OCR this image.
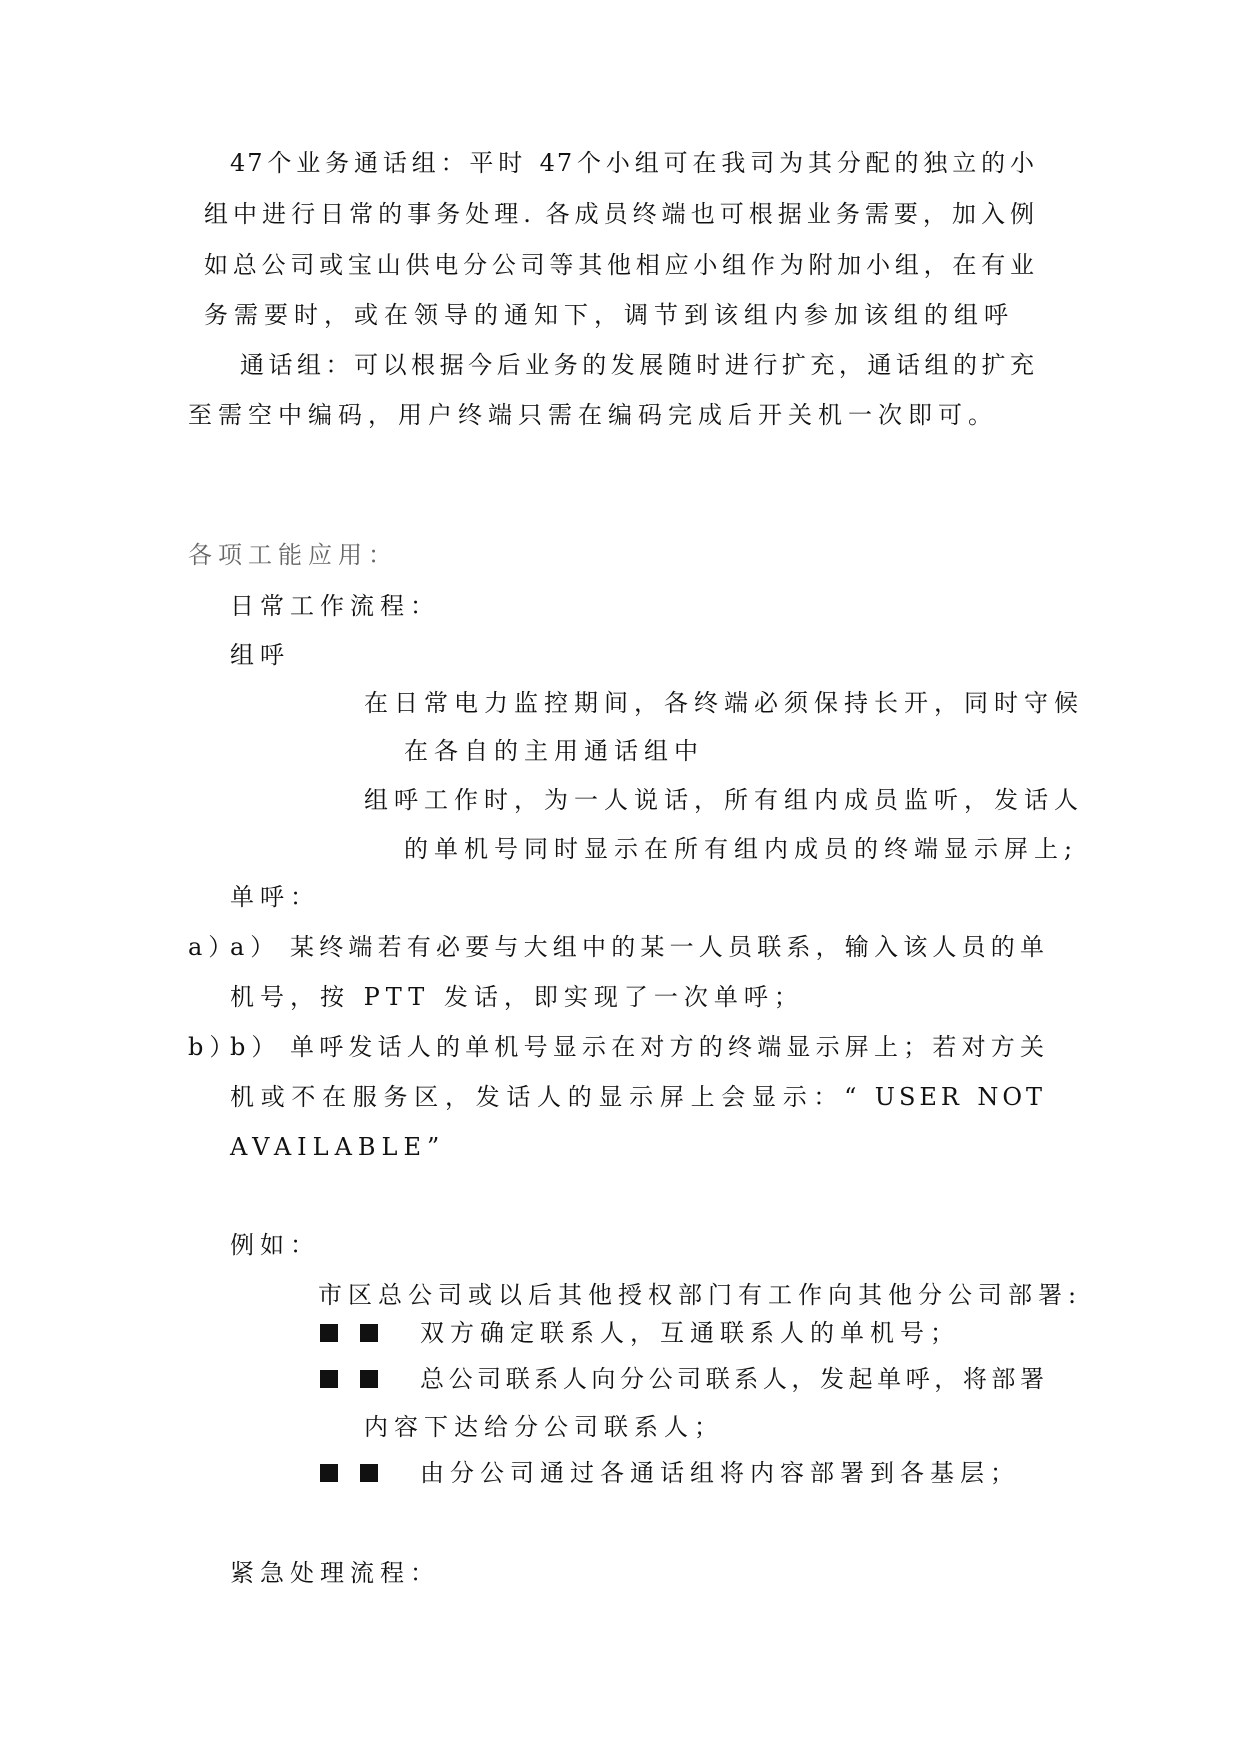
47个业务通话组：平时 47个小组可在我司为其分配的独立的小
组中进行日常的事务处理. 各成员终端也可根据业务需要，加入例
如总公司或宝山供电分公司等其他相应小组作为附加小组，在有业
务需要时，或在领导的通知下，调节到该组内参加该组的组呼
通话组：可以根据今后业务的发展随时进行扩充，通话组的扩充
至需空中编码，用户终端只需在编码完成后开关机一次即可。
各项工能应用：
日常工作流程：
组呼
在日常电力监控期间，各终端必须保持长开，同时守候
在各自的主用通话组中
组呼工作时，为一人说话，所有组内成员监听，发话人
的单机号同时显示在所有组内成员的终端显示屏上;
单呼：
a）
a） 某终端若有必要与大组中的某一人员联系，输入该人员的单
机号，按 PTT 发话，即实现了一次单呼；
b）
b） 单呼发话人的单机号显示在对方的终端显示屏上；若对方关
机或不在服务区，发话人的显示屏上会显示：“ USER NOT
AVAILABLE”
例如：
市区总公司或以后其他授权部门有工作向其他分公司部署:
双方确定联系人，互通联系人的单机号；
总公司联系人向分公司联系人，发起单呼，将部署
内容下达给分公司联系人；
由分公司通过各通话组将内容部署到各基层；
紧急处理流程：
